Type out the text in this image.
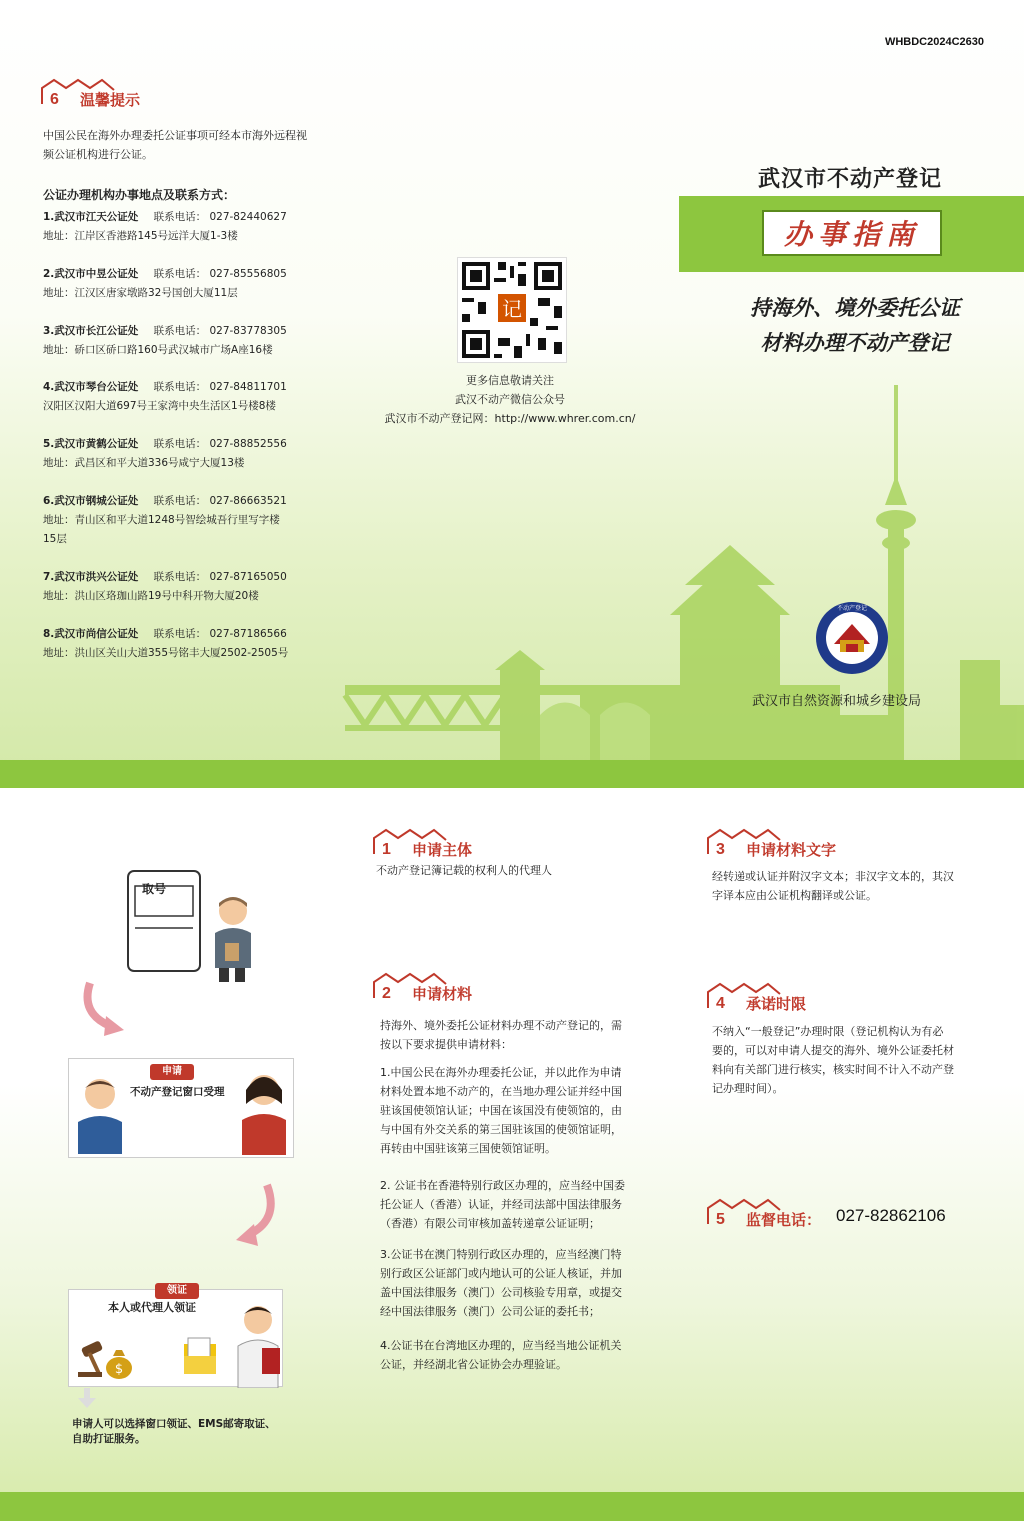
WHBDC2024C2630
6 温馨提示
中国公民在海外办理委托公证事项可经本市海外远程视
频公证机构进行公证。
公证办理机构办事地点及联系方式：
1.武汉市江天公证处 联系电话： 027-82440627
地址：江岸区香港路145号远洋大厦1-3楼
2.武汉市中昱公证处 联系电话： 027-85556805
地址：江汉区唐家墩路32号国创大厦11层
3.武汉市长江公证处 联系电话： 027-83778305
地址：硚口区硚口路160号武汉城市广场A座16楼
4.武汉市琴台公证处 联系电话： 027-84811701
汉阳区汉阳大道697号王家湾中央生活区1号楼8楼
5.武汉市黄鹤公证处 联系电话： 027-88852556
地址：武昌区和平大道336号咸宁大厦13楼
6.武汉市钢城公证处 联系电话： 027-86663521
地址：青山区和平大道1248号智绘城吾行里写字楼
15层
7.武汉市洪兴公证处 联系电话： 027-87165050
地址：洪山区珞珈山路19号中科开物大厦20楼
8.武汉市尚信公证处 联系电话： 027-87186566
地址：洪山区关山大道355号铭丰大厦2502-2505号
记
更多信息敬请关注
武汉不动产微信公众号
武汉市不动产登记网：http://www.whrer.com.cn/
武汉市不动产登记
办事指南
持海外、境外委托公证
材料办理不动产登记
不动产登记
武汉市自然资源和城乡建设局
取号
申请
不动产登记窗口受理
领证
本人或代理人领证
$
申请人可以选择窗口领证、EMS邮寄取证、
自助打证服务。
1 申请主体
不动产登记簿记载的权利人的代理人
2 申请材料
持海外、境外委托公证材料办理不动产登记的，需
按以下要求提供申请材料：
1.中国公民在海外办理委托公证，并以此作为申请
材料处置本地不动产的，在当地办理公证并经中国
驻该国使领馆认证；中国在该国没有使领馆的，由
与中国有外交关系的第三国驻该国的使领馆证明，
再转由中国驻该第三国使领馆证明。
2. 公证书在香港特别行政区办理的，应当经中国委
托公证人（香港）认证，并经司法部中国法律服务
（香港）有限公司审核加盖转递章公证证明；
3.公证书在澳门特别行政区办理的，应当经澳门特
别行政区公证部门或内地认可的公证人核证，并加
盖中国法律服务（澳门）公司核验专用章，或提交
经中国法律服务（澳门）公司公证的委托书；
4.公证书在台湾地区办理的，应当经当地公证机关
公证，并经湖北省公证协会办理验证。
3 申请材料文字
经转递或认证并附汉字文本；非汉字文本的，其汉
字译本应由公证机构翻译或公证。
4 承诺时限
不纳入“一般登记”办理时限（登记机构认为有必
要的，可以对申请人提交的海外、境外公证委托材
料向有关部门进行核实，核实时间不计入不动产登
记办理时间）。
5 监督电话： 027-82862106
